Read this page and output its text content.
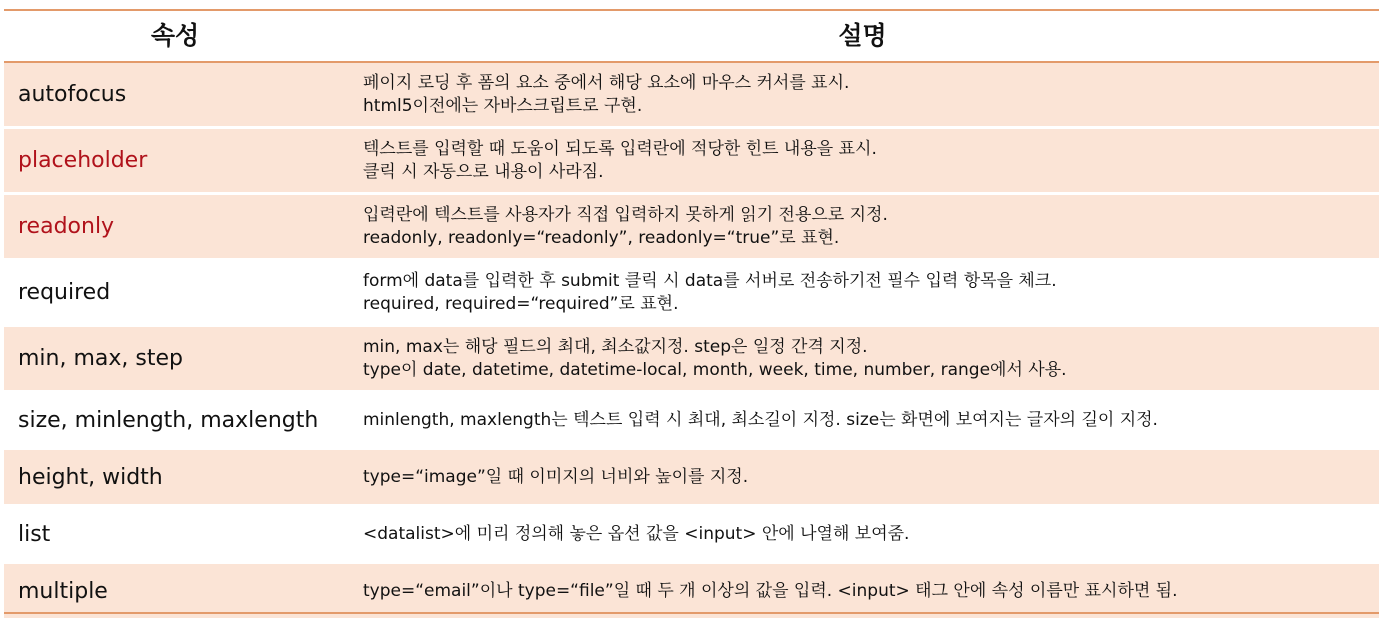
속성	설명
autofocus	페이지 로딩 후 폼의 요소 중에서 해당 요소에 마우스 커서를 표시.
html5이전에는 자바스크립트로 구현.
placeholder	텍스트를 입력할 때 도움이 되도록 입력란에 적당한 힌트 내용을 표시.
클릭 시 자동으로 내용이 사라짐.
readonly	입력란에 텍스트를 사용자가 직접 입력하지 못하게 읽기 전용으로 지정.
readonly, readonly=“readonly”, readonly=“true”로 표현.
required	form에 data를 입력한 후 submit 클릭 시 data를 서버로 전송하기전 필수 입력 항목을 체크.
required, required=“required”로 표현.
min, max, step	min, max는 해당 필드의 최대, 최소값지정. step은 일정 간격 지정.
type이 date, datetime, datetime-local, month, week, time, number, range에서 사용.
size, minlength, maxlength	minlength, maxlength는 텍스트 입력 시 최대, 최소길이 지정. size는 화면에 보여지는 글자의 길이 지정.
height, width	type=“image”일 때 이미지의 너비와 높이를 지정.
list	<datalist>에 미리 정의해 놓은 옵션 값을 <input> 안에 나열해 보여줌.
multiple	type=“email”이나 type=“file”일 때 두 개 이상의 값을 입력. <input> 태그 안에 속성 이름만 표시하면 됨.
